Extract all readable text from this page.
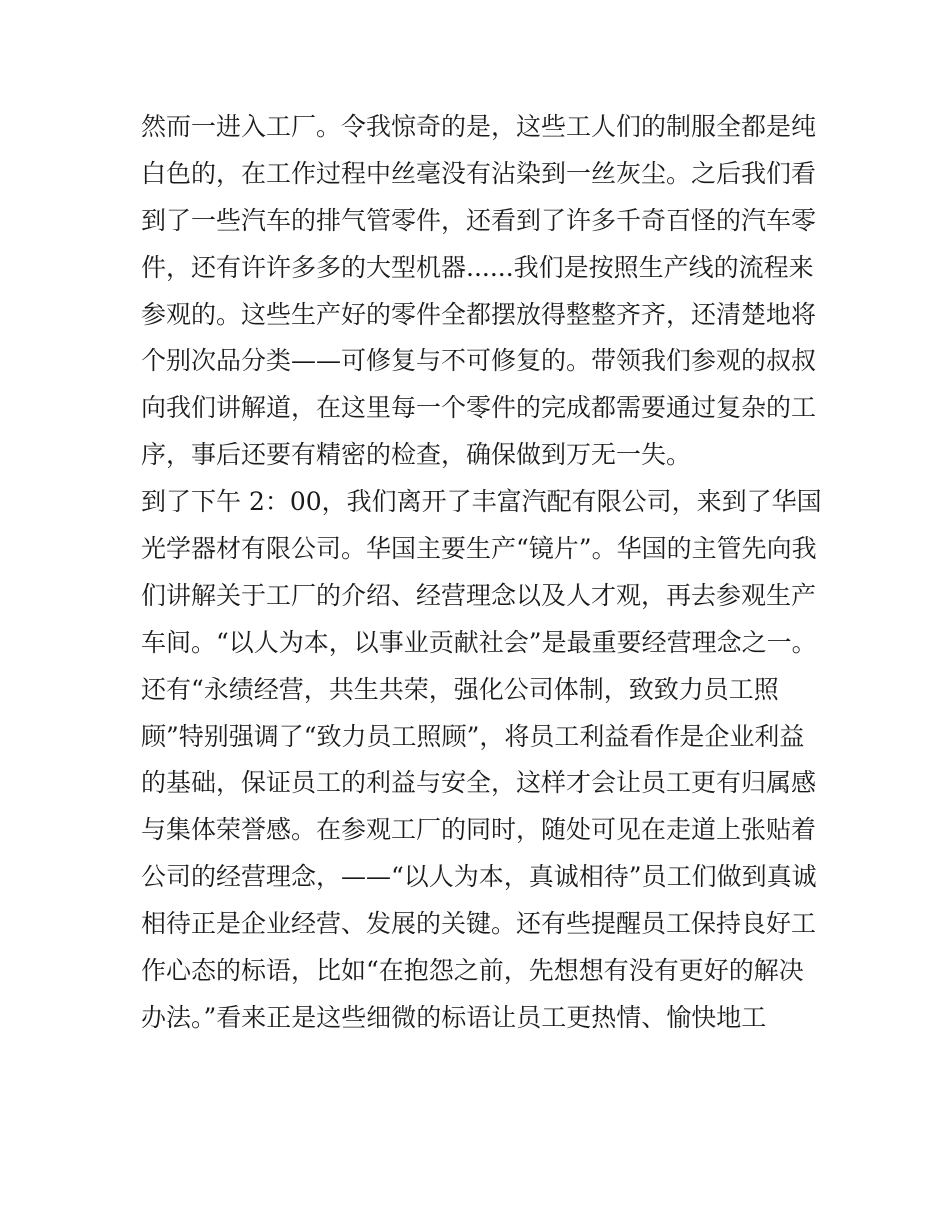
然而一进入工厂。令我惊奇的是，这些工人们的制服全都是纯
白色的，在工作过程中丝毫没有沾染到一丝灰尘。之后我们看
到了一些汽车的排气管零件，还看到了许多千奇百怪的汽车零
件，还有许许多多的大型机器......我们是按照生产线的流程来
参观的。这些生产好的零件全都摆放得整整齐齐，还清楚地将
个别次品分类——可修复与不可修复的。带领我们参观的叔叔
向我们讲解道，在这里每一个零件的完成都需要通过复杂的工
序，事后还要有精密的检查，确保做到万无一失。
到了下午 2：00，我们离开了丰富汽配有限公司，来到了华国
光学器材有限公司。华国主要生产“镜片”。华国的主管先向我
们讲解关于工厂的介绍、经营理念以及人才观，再去参观生产
车间。“以人为本，以事业贡献社会”是最重要经营理念之一。
还有“永绩经营，共生共荣，强化公司体制，致致力员工照
顾”特别强调了“致力员工照顾”，将员工利益看作是企业利益
的基础，保证员工的利益与安全，这样才会让员工更有归属感
与集体荣誉感。在参观工厂的同时，随处可见在走道上张贴着
公司的经营理念，——“以人为本，真诚相待”员工们做到真诚
相待正是企业经营、发展的关键。还有些提醒员工保持良好工
作心态的标语，比如“在抱怨之前，先想想有没有更好的解决
办法。”看来正是这些细微的标语让员工更热情、愉快地工
